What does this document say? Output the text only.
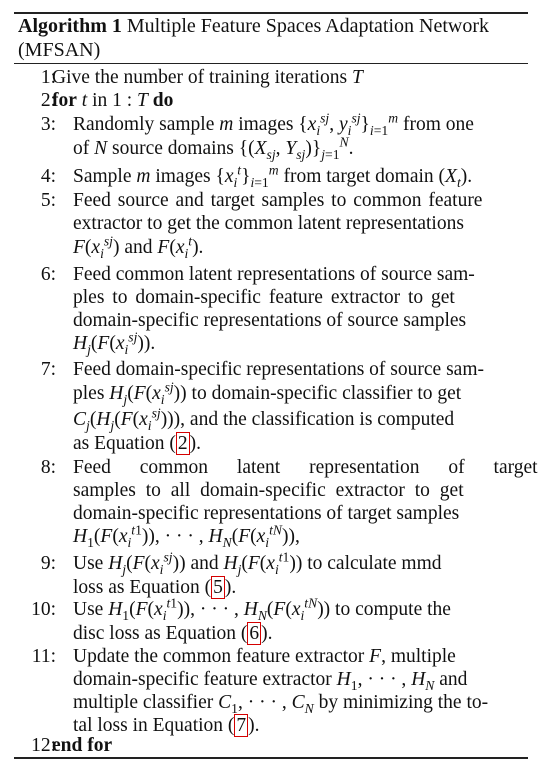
Algorithm 1 Multiple Feature Spaces Adaptation Network (MFSAN)
1:
Give the number of training iterations T
2:
for t in 1 : T do
3: Randomly sample m images {$x_i^{sj}$, $y_i^{sj}\}_{i=1}^m$ from one
of N source domains {($X_{sj}$, $Y_{sj})\}_{j=1}^N$.
4: Sample m images $\{x_i^t\}_{i=1}^m$ from target domain $(X_t)$.
5: Feed source and target samples to common feature
extractor to get the common latent representations
$F(x_i^{sj})$ and $F(x_i^t)$.
6: Feed common latent representations of source sam-
ples to domain-specific feature extractor to get
domain-specific representations of source samples
$H_j(F(x_i^{sj}))$.
7: Feed domain-specific representations of source sam-
ples $H_j(F(x_i^{sj}))$ to domain-specific classifier to get
$C_j(H_j(F(x_i^{sj})))$, and the classification is computed
as Equation ( 2 ).
8: Feed common latent representation of target
samples to all domain-specific extractor to get
domain-specific representations of target samples
$H_1(F(x_i^{t1}))$, · · · , $H_N(F(x_i^{tN}))$,
9: Use $H_j(F(x_i^{sj}))$ and $H_j(F(x_i^{t1}))$ to calculate mmd
loss as Equation ( 5 ).
10: Use $H_1(F(x_i^{t1}))$, · · · , $H_N(F(x_i^{tN}))$ to compute the
disc loss as Equation ( 6 ).
11: Update the common feature extractor F, multiple
domain-specific feature extractor $H_1$, · · · , $H_N$ and
multiple classifier $C_1$, · · · , $C_N$ by minimizing the to-
tal loss in Equation ( 7 ).
12:
end for
